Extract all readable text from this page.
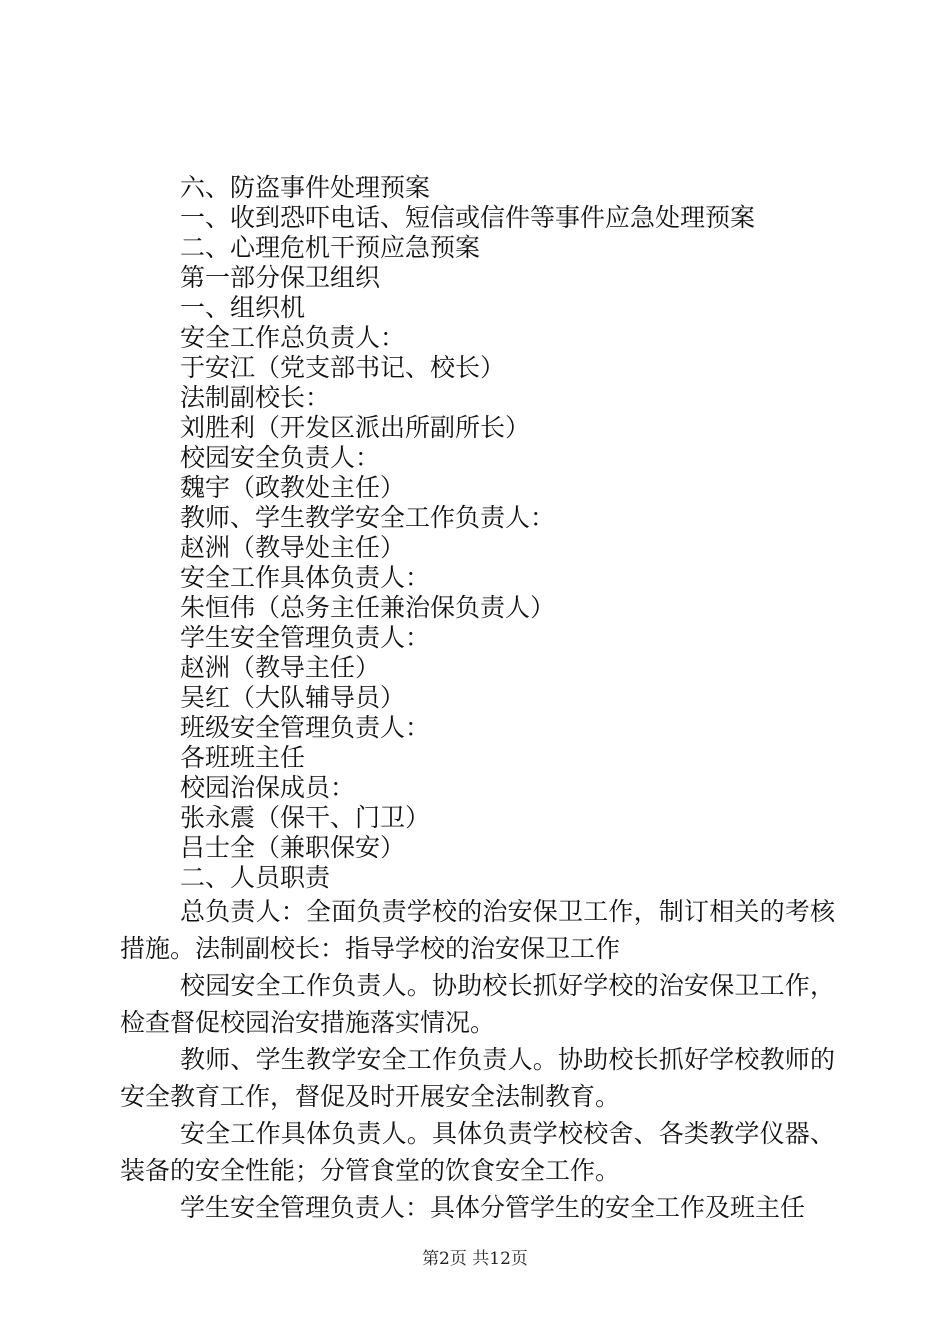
六、防盗事件处理预案
一、收到恐吓电话、短信或信件等事件应急处理预案
二、心理危机干预应急预案
第一部分保卫组织
一、组织机
安全工作总负责人：
于安江（党支部书记、校长）
法制副校长：
刘胜利（开发区派出所副所长）
校园安全负责人：
魏宇（政教处主任）
教师、学生教学安全工作负责人：
赵洲（教导处主任）
安全工作具体负责人：
朱恒伟（总务主任兼治保负责人）
学生安全管理负责人：
赵洲（教导主任）
吴红（大队辅导员）
班级安全管理负责人：
各班班主任
校园治保成员：
张永震（保干、门卫）
吕士全（兼职保安）
二、人员职责
总负责人：全面负责学校的治安保卫工作，制订相关的考核措施。法制副校长：指导学校的治安保卫工作
校园安全工作负责人。协助校长抓好学校的治安保卫工作，检查督促校园治安措施落实情况。
教师、学生教学安全工作负责人。协助校长抓好学校教师的安全教育工作，督促及时开展安全法制教育。
安全工作具体负责人。具体负责学校校舍、各类教学仪器、装备的安全性能；分管食堂的饮食安全工作。
学生安全管理负责人：具体分管学生的安全工作及班主任
第2页 共12页
